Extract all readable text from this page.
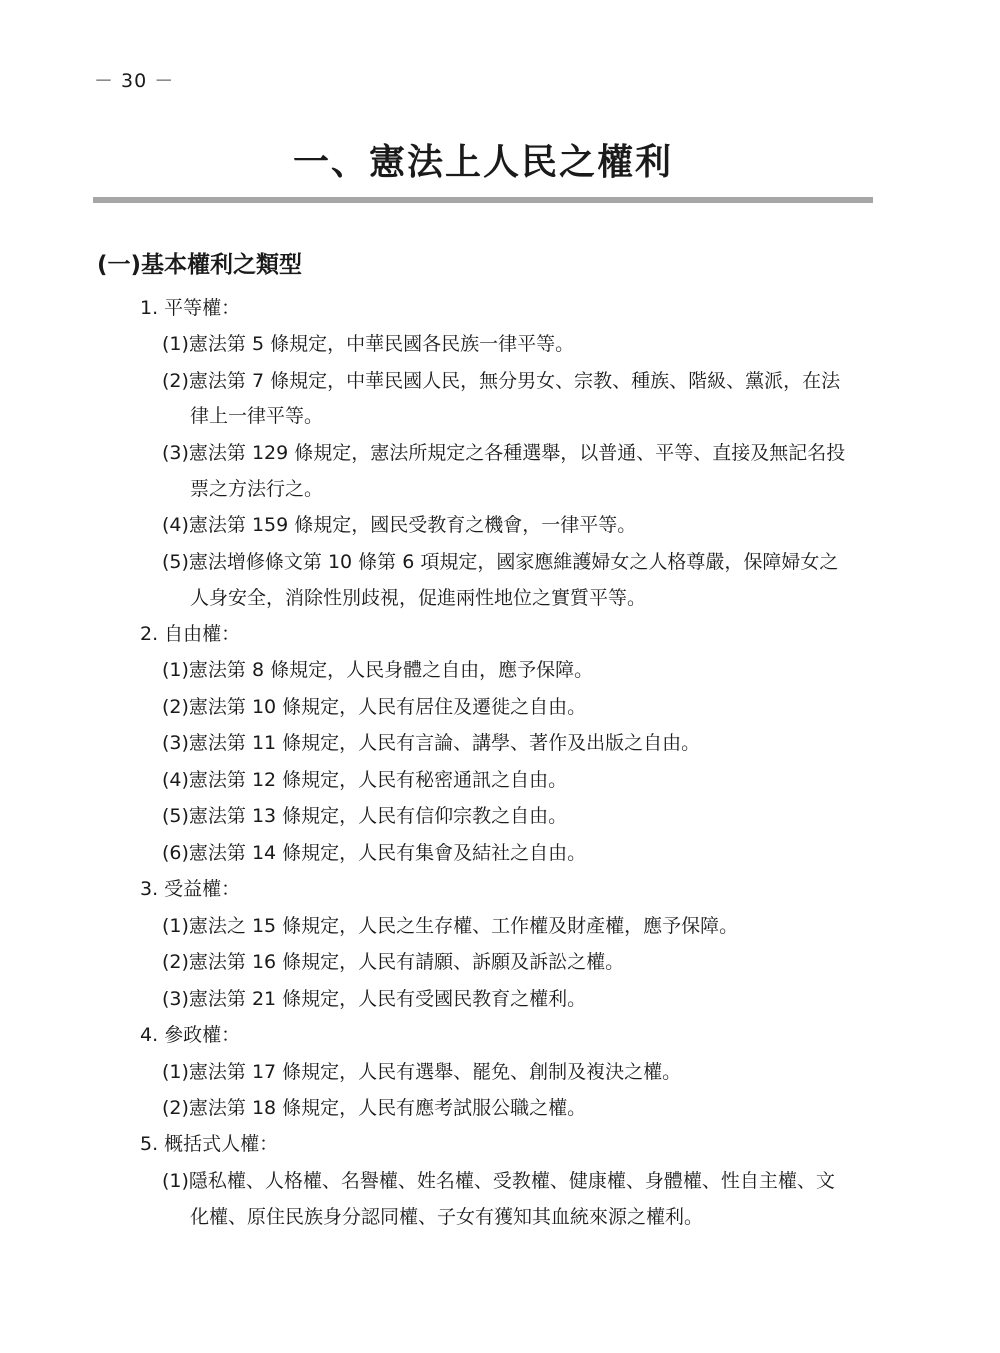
－ 30 －
一、憲法上人民之權利
(一)基本權利之類型
1. 平等權：
(1)憲法第 5 條規定，中華民國各民族一律平等。
(2)憲法第 7 條規定，中華民國人民，無分男女、宗教、種族、階級、黨派，在法
律上一律平等。
(3)憲法第 129 條規定，憲法所規定之各種選舉，以普通、平等、直接及無記名投
票之方法行之。
(4)憲法第 159 條規定，國民受教育之機會，一律平等。
(5)憲法增修條文第 10 條第 6 項規定，國家應維護婦女之人格尊嚴，保障婦女之
人身安全，消除性別歧視，促進兩性地位之實質平等。
2. 自由權：
(1)憲法第 8 條規定，人民身體之自由，應予保障。
(2)憲法第 10 條規定，人民有居住及遷徙之自由。
(3)憲法第 11 條規定，人民有言論、講學、著作及出版之自由。
(4)憲法第 12 條規定，人民有秘密通訊之自由。
(5)憲法第 13 條規定，人民有信仰宗教之自由。
(6)憲法第 14 條規定，人民有集會及結社之自由。
3. 受益權：
(1)憲法之 15 條規定，人民之生存權、工作權及財產權，應予保障。
(2)憲法第 16 條規定，人民有請願、訴願及訴訟之權。
(3)憲法第 21 條規定，人民有受國民教育之權利。
4. 參政權：
(1)憲法第 17 條規定，人民有選舉、罷免、創制及複決之權。
(2)憲法第 18 條規定，人民有應考試服公職之權。
5. 概括式人權：
(1)隱私權、人格權、名譽權、姓名權、受教權、健康權、身體權、性自主權、文
化權、原住民族身分認同權、子女有獲知其血統來源之權利。
